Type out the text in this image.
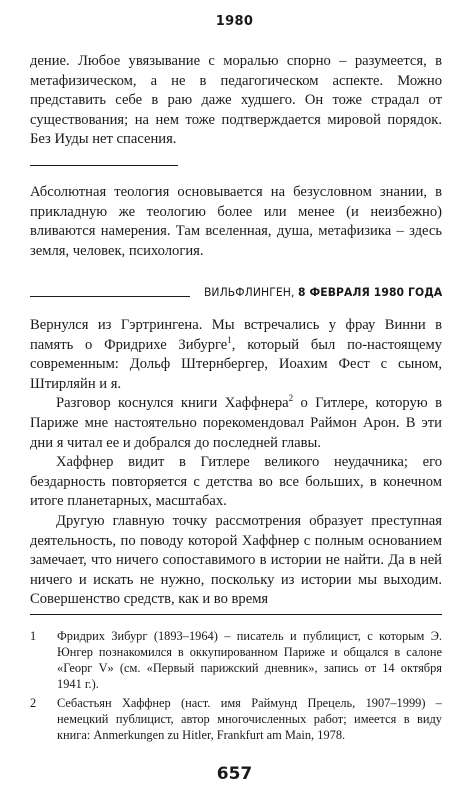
1980

дение. Любое увязывание с моралью спорно – разумеется, в метафизическом, а не в педагогическом аспекте. Можно представить себе в раю даже худшего. Он тоже страдал от существования; на нем тоже подтверждается мировой порядок. Без Иуды нет спасения.

Абсолютная теология основывается на безусловном знании, в прикладную же теологию более или менее (и неизбежно) вливаются намерения. Там вселенная, душа, метафизика – здесь земля, человек, психология.

ВИЛЬФЛИНГЕН, 8 ФЕВРАЛЯ 1980 ГОДА

Вернулся из Гэртрингена. Мы встречались у фрау Винни в память о Фридрихе Зибурге$^1$, который был по-настоящему современным: Дольф Штернбергер, Иоахим Фест с сыном, Штирляйн и я.

Разговор коснулся книги Хаффнера$^2$ о Гитлере, которую в Париже мне настоятельно порекомендовал Раймон Арон. В эти дни я читал ее и добрался до последней главы.

Хаффнер видит в Гитлере великого неудачника; его бездарность повторяется с детства во все больших, в конечном итоге планетарных, масштабах.

Другую главную точку рассмотрения образует преступная деятельность, по поводу которой Хаффнер с полным основанием замечает, что ничего сопоставимого в истории не найти. Да в ней ничего и искать не нужно, поскольку из истории мы выходим. Совершенство средств, как и во время

1 Фридрих Зибург (1893–1964) – писатель и публицист, с которым Э. Юнгер познакомился в оккупированном Париже и общался в салоне «Георг V» (см. «Первый парижский дневник», запись от 14 октября 1941 г.).
2 Себастьян Хаффнер (наст. имя Раймунд Прецель, 1907–1999) – немецкий публицист, автор многочисленных работ; имеется в виду книга: Anmerkungen zu Hitler, Frankfurt am Main, 1978.
657
